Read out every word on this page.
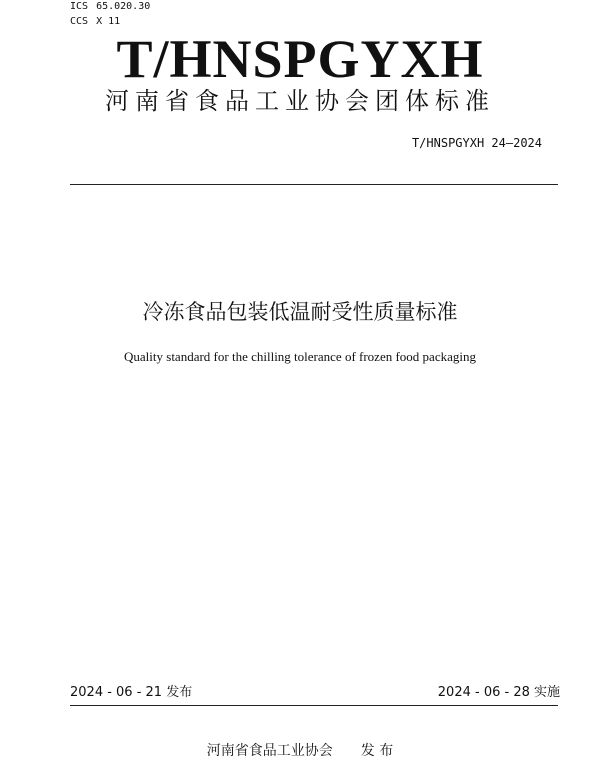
ICS 65.020.30
CCS X 11
T/HNSPGYXH
河南省食品工业协会团体标准
T/HNSPGYXH 24—2024
冷冻食品包装低温耐受性质量标准
Quality standard for the chilling tolerance of frozen food packaging
2024 - 06 - 21 发布	2024 - 06 - 28 实施
河南省食品工业协会 发 布
